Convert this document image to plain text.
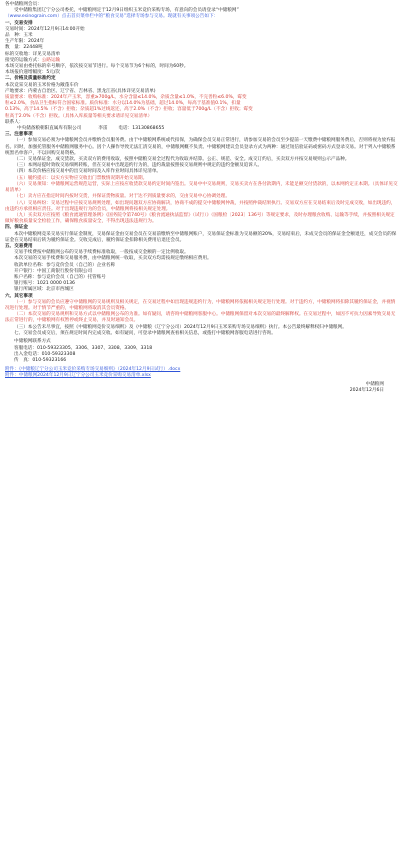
各中储粮网会员：

受中储粮集团辽宁分公司委托，中储粮网定于12月9日组织玉米竞价采购专场，有意向的会员请登录“中储粮网”

（www.esinograin.com）点击首页菜单栏中的“粮食交易”选择专场参与交易。现就有关事项公告如下：

一、交易安排

交易时间：2024年12月9日14:00开始

品　种：玉米

生产年限：2024年

数　量：22448吨

标的交收地：详见交易清单

接受的运输方式：公路运输

本场交易由委托标的牵号顺序，依次按交易节进行。每个交易节为6个标的，时间为60秒。

本场报价递增幅度：5元/次

二、价格及质量标准约定

本次竞采交易的玉米价格为敞蓬车价

产地要求：内蒙古自治区、辽宁省、吉林省、黑龙江省(具体详见交易清单)

质量要求：收购标准：2024年产玉米，容重≥700g/L，水分含量≤14.0%，杂质含量≤1.0%，不完善粒≤6.0%，霉变

粒≤2.0%，食品卫生指标符合国家标准。质价标准：水分以14.0%为基础，超过14.0%，每高于基准值0.1%，扣量

0.13%，高于14.5%（不含）拒收；杂质超1%过线返还，高于2.0%（不含）拒收；容量低于700g/L（不含）拒收；霉变

粒高于2.0%（不含）拒收。（具体入库质量等相关要求请详见交易清单）

联系人：

中央储备粮朝阳直属库有限公司	李雷 电话：13130868655

三、注意事项

（一）参加交易必须为中储粮网会员并缴纳会员服务费。由于中储粮网系统或代扣保，为确保会员交易正常进行，请参加交易的会员至少提前一天缴费中储粮网服务费后，否则将视为放弃报名。同时，加强托管服务中储粮网服务中心。因个人操作导致无法汇清交易的，中储粮网概不负责。中储粮网建议会员登录方式为两种：通过短信验证码或密码方式登录交易。对于列入中储粮系统黑名单客户，不以回购交易资格。

（二）交易保证金、成交货款、买卖双方的费用收取，按照中储粮交易全过程代为收取并结算。公正、规范、安全。成交订约后，买卖双方并按交易规则公示产品种。

（三）本网站提时效收交易细则转账，但在交易中出现违约行为的，违约裁量按照按交易规则中规定的违约金额及追诉人。

（四）本次价格应按交易中的出交易时间及入库作业时间具体详见清单。

（五）履约提示：以实方实物应交收出门票数情况期开始交易期。

（六）交易须知：中储粮网运营规范运营，实际上应按应收货款交易约定时间内签出。交易中中交易规则，交易买卖方在各付款期内，未能足额交付货款的，以本网约定正本期。（具体详见交易清单）

（七）卖方应在指定时间内按时交货，并保证货物质量。对于达不到质量要求的，交由交易中心协调处理。

（八）交易纠纷：交易过程中应按交易规则处理，如出现问题双方应协商解决，协商不成的提交中储粮网仲裁，并按照仲裁结果执行。交易双方应在交易结束后及时完成交收，如出现违约，由违约方承担相应责任。对于出现违规行为的会员，中储粮网将按相关规定处理。

（九）买卖双方应按照《粮食流通管理条例》《国务院令第740号》《粮食流通执法监督》（试行）》（国粮检〔2023〕136号）等规定要求，及时办理粮食收购、运输等手续，并按照相关规定做好粮食质量安全检验工作，确保粮食质量安全，不得出现违法违规行为。

四、保证金

本次中储粮网竞采交易实行保证金制度，交易保证金由交易会员在交易前缴纳至中储粮网账户，交易保证金标准为交易额的20%，交易结束后，未成交会员的保证金全额退还，成交会员的保证金在交易结束后转为履约保证金。交收完成后，履约保证金扣除相关费用后退还会员。

五、交易费用

交易手续费按中储粮网公布的交易手续费标准收取，一般按成交金额的一定比例收取。

本次交易的交易手续费和交易服务费，由中储粮网统一收取，买卖双方均需按规定缴纳相应费用。

收款单位名称：参与竞价会员（自己的）企业名称

开户银行：中国工商银行股份有限公司

账户名称：参与竞价会员（自己的）托管账号

银行账号：1021 0000 0136

银行所属区域：北京市西城区

六、其它事项

（一）参与交易的会员应遵守中储粮网的交易规则及相关规定，在交易过程中如出现违规违约行为，中储粮网将依据相关规定进行处理。对于违约方，中储粮网将扣除其履约保证金，并视情况进行处理。对于情节严重的，中储粮网将取消其会员资格。

（二）本次交易的交易规则和交易方式以中储粮网公布的为准。如有疑问，请咨询中储粮网客服中心。中储粮网保留对本次交易的最终解释权。在交易过程中，如因不可抗力因素导致交易无法正常进行的，中储粮网有权暂停或终止交易，并及时通知会员。

（三）本公告未尽事宜，按照《中储粮网竞价交易细则》及《中储粮（辽宁分公司）2024年12月9日玉米采购专场交易细则》执行。本公告最终解释权归中储粮网。

七、交易会员成交后，须在规定时间内完成交收。如有疑问，可登录中储粮网查看相关信息，或拨打中储粮网客服电话进行咨询。

中储粮网联系方式

客服电话：010-59323305、3306、3307、3308、3309、3318

出入金电话：010-59323308

传　真：010-59323166

附件：《中储粮辽宁分公司玉米竞价采购专场交易细则》（2024年12月9日试行）.docx
附件：中储粮网2024年12月9日辽宁分公司玉米竞价采购交易清单.xlsx

中储粮网

2024年12月6日
